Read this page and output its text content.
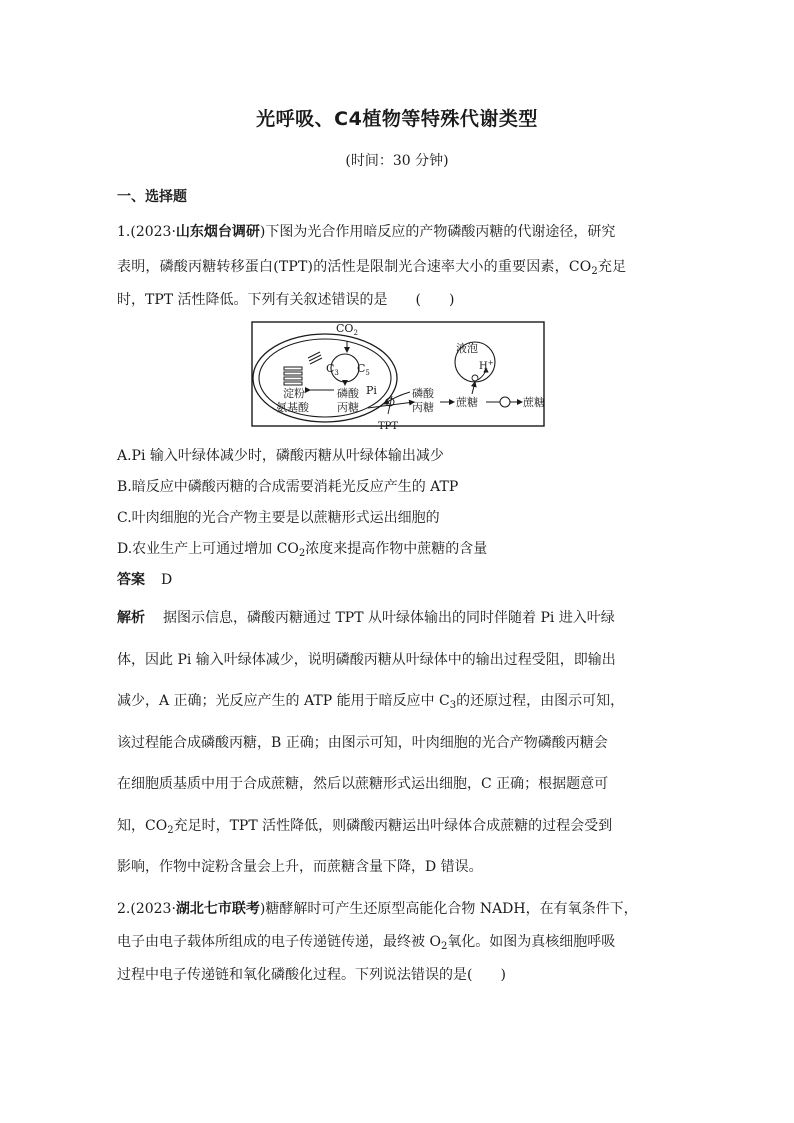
光呼吸、C4植物等特殊代谢类型
(时间：30 分钟)
一、选择题
1.(2023·山东烟台调研)下图为光合作用暗反应的产物磷酸丙糖的代谢途径，研究
表明，磷酸丙糖转移蛋白(TPT)的活性是限制光合速率大小的重要因素，$CO_2$充足
时，TPT 活性降低。下列有关叙述错误的是　　(　　)
$CO_2$
$C_3$ $C_5$
淀粉
氨基酸
磷酸
丙糖
Pi
TPT
磷酸
丙糖 蔗糖
液泡
H+
蔗糖
A.Pi 输入叶绿体减少时，磷酸丙糖从叶绿体输出减少
B.暗反应中磷酸丙糖的合成需要消耗光反应产生的 ATP
C.叶肉细胞的光合产物主要是以蔗糖形式运出细胞的
D.农业生产上可通过增加 $CO_2$浓度来提高作物中蔗糖的含量
答案 D
解析 据图示信息，磷酸丙糖通过 TPT 从叶绿体输出的同时伴随着 Pi 进入叶绿
体，因此 Pi 输入叶绿体减少，说明磷酸丙糖从叶绿体中的输出过程受阻，即输出
减少，A 正确；光反应产生的 ATP 能用于暗反应中 $C_3$的还原过程，由图示可知，
该过程能合成磷酸丙糖，B 正确；由图示可知，叶肉细胞的光合产物磷酸丙糖会
在细胞质基质中用于合成蔗糖，然后以蔗糖形式运出细胞，C 正确；根据题意可
知，$CO_2$充足时，TPT 活性降低，则磷酸丙糖运出叶绿体合成蔗糖的过程会受到
影响，作物中淀粉含量会上升，而蔗糖含量下降，D 错误。
2.(2023·湖北七市联考)糖酵解时可产生还原型高能化合物 NADH，在有氧条件下，
电子由电子载体所组成的电子传递链传递，最终被 $O_2$氧化。如图为真核细胞呼吸
过程中电子传递链和氧化磷酸化过程。下列说法错误的是(　　)
